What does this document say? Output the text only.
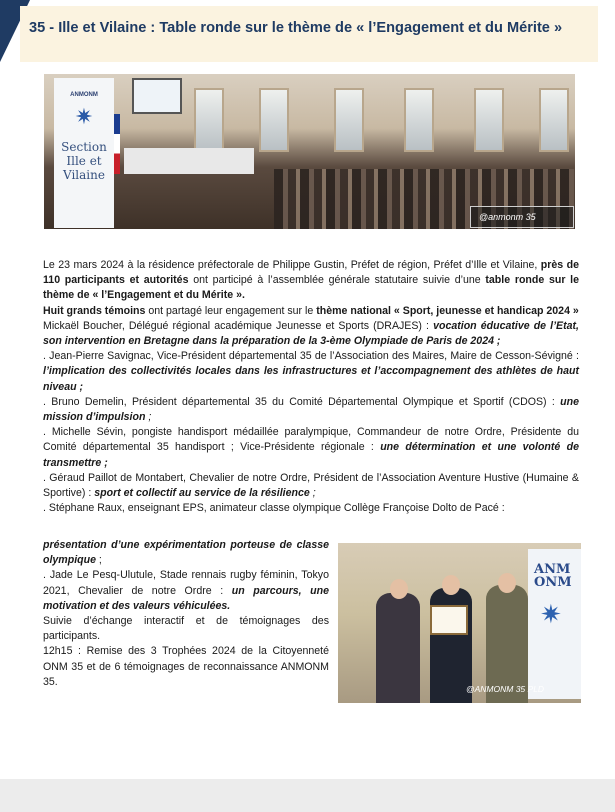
35 - Ille et Vilaine : Table ronde sur le thème de « l’Engagement et du Mérite »
ANMONM
✷
Section Ille et Vilaine
@anmonm 35

Le 23 mars 2024 à la résidence préfectorale de Philippe Gustin, Préfet de région, Préfet d’Ille et Vilaine, près de 110 participants et autorités ont participé à l’assemblée générale statutaire suivie d’une table ronde sur le thème de « l’Engagement et du Mérite ».

Huit grands témoins ont partagé leur engagement sur le thème national « Sport, jeunesse et handicap 2024 »

Mickaël Boucher, Délégué régional académique Jeunesse et Sports (DRAJES) : vocation éducative de l’Etat, son intervention en Bretagne dans la préparation de la 3-ème Olympiade de Paris de 2024 ;

. Jean-Pierre Savignac, Vice-Président départemental 35 de l’Association des Maires, Maire de Cesson-Sévigné : l’implication des collectivités locales dans les infrastructures et l’accompagnement des athlètes de haut niveau ;

. Bruno Demelin, Président départemental 35 du Comité Départemental Olympique et Sportif (CDOS) : une mission d’impulsion ;

. Michelle Sévin, pongiste handisport médaillée paralympique, Commandeur de notre Ordre, Présidente du Comité départemental 35 handisport ; Vice-Présidente régionale : une détermination et une volonté de transmettre ;

. Géraud Paillot de Montabert, Chevalier de notre Ordre, Président de l’Association Aventure Hustive (Humaine & Sportive) : sport et collectif au service de la résilience ;

. Stéphane Raux, enseignant EPS, animateur classe olympique Collège Françoise Dolto de Pacé :

présentation d’une expérimentation porteuse de classe olympique ;

. Jade Le Pesq-Ulutule, Stade rennais rugby féminin, Tokyo 2021, Chevalier de notre Ordre : un parcours, une motivation et des valeurs véhiculées.

Suivie d’échange interactif et de témoignages des participants.

12h15 : Remise des 3 Trophées 2024 de la Citoyenneté ONM 35 et de 6 témoignages de reconnaissance ANMONM 35.

ANM ONM
✷
@ANMONM 35 PLD
